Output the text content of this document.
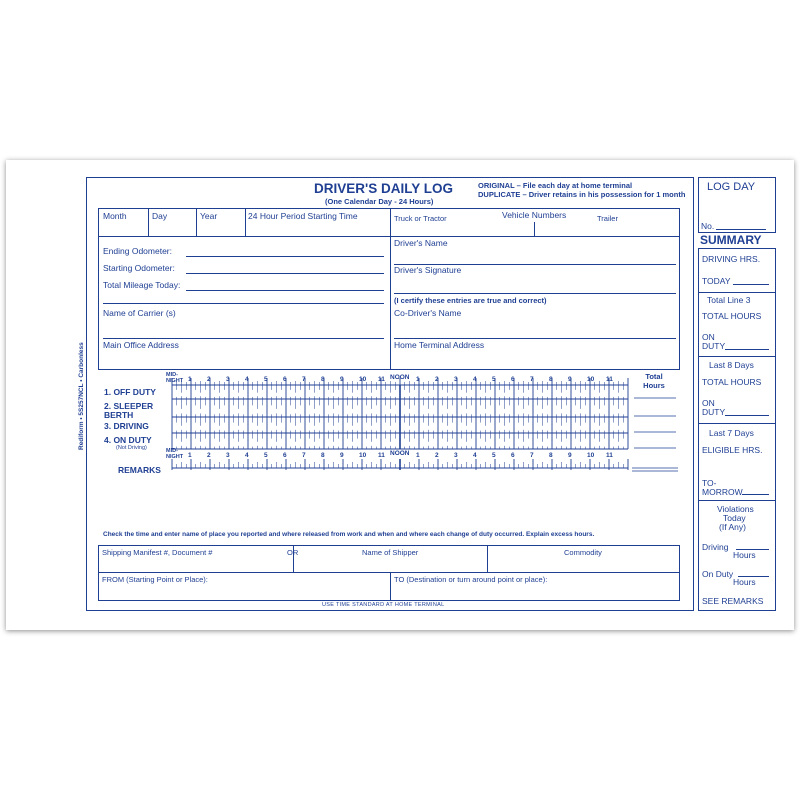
Rediform • 5S257NCL • Carbonless
DRIVER'S DAILY LOG
(One Calendar Day - 24 Hours)
ORIGINAL – File each day at home terminal
DUPLICATE – Driver retains in his possession for 1 month
Month	Day	Year	24 Hour Period Starting Time	Truck or Tractor	Vehicle Numbers	Trailer
Ending Odometer:
Starting Odometer:
Total Mileage Today:
Name of Carrier (s)
Main Office Address
Driver's Name
Driver's Signature
(I certify these entries are true and correct)
Co-Driver's Name
Home Terminal Address
Total Hours
MID-NIGHT
MID-NIGHT
NOON
NOON
1 2 3 4 5 6 7 8 9 10 11	1 2 3 4 5 6 7 8 9 10 11
1 2 3 4 5 6 7 8 9 10 11	1 2 3 4 5 6 7 8 9 10 11
1. OFF DUTY
2. SLEEPER BERTH
3. DRIVING
4. ON DUTY
(Not Driving)
REMARKS
Check the time and enter name of place you reported and where released from work and when and where each change of duty occurred. Explain excess hours.
Shipping Manifest #, Document #	OR	Name of Shipper	Commodity
FROM (Starting Point or Place):	TO (Destination or turn around point or place):
USE TIME STANDARD AT HOME TERMINAL
LOG DAY
No.
SUMMARY
DRIVING HRS.
TODAY
Total Line 3
TOTAL HOURS
ON
DUTY
Last 8 Days
TOTAL HOURS
ON
DUTY
Last 7 Days
ELIGIBLE HRS.
TO-
MORROW
Violations
Today
(If Any)
Driving
Hours
On Duty
Hours
SEE REMARKS
